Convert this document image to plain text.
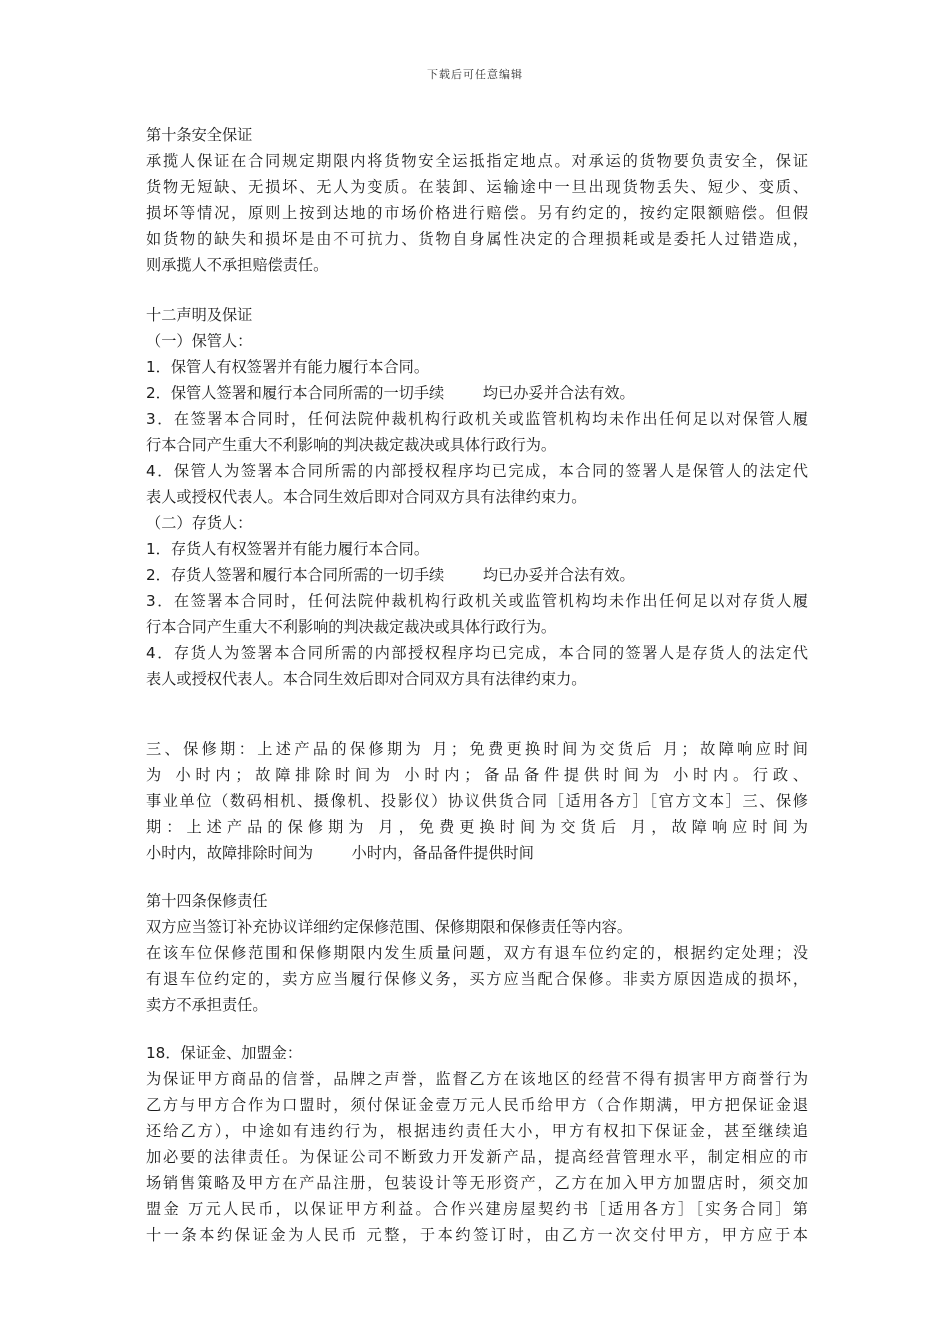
下载后可任意编辑
第十条安全保证
承揽人保证在合同规定期限内将货物安全运抵指定地点。对承运的货物要负责安全，保证
货物无短缺、无损坏、无人为变质。在装卸、运输途中一旦出现货物丢失、短少、变质、
损坏等情况，原则上按到达地的市场价格进行赔偿。另有约定的，按约定限额赔偿。但假
如货物的缺失和损坏是由不可抗力、货物自身属性决定的合理损耗或是委托人过错造成，
则承揽人不承担赔偿责任。
十二声明及保证
（一）保管人：
1．保管人有权签署并有能力履行本合同。
2．保管人签署和履行本合同所需的一切手续        均已办妥并合法有效。
3．在签署本合同时，任何法院仲裁机构行政机关或监管机构均未作出任何足以对保管人履
行本合同产生重大不利影响的判决裁定裁决或具体行政行为。
4．保管人为签署本合同所需的内部授权程序均已完成，本合同的签署人是保管人的法定代
表人或授权代表人。本合同生效后即对合同双方具有法律约束力。
（二）存货人：
1．存货人有权签署并有能力履行本合同。
2．存货人签署和履行本合同所需的一切手续        均已办妥并合法有效。
3．在签署本合同时，任何法院仲裁机构行政机关或监管机构均未作出任何足以对存货人履
行本合同产生重大不利影响的判决裁定裁决或具体行政行为。
4．存货人为签署本合同所需的内部授权程序均已完成，本合同的签署人是存货人的法定代
表人或授权代表人。本合同生效后即对合同双方具有法律约束力。
三、保修期：上述产品的保修期为 月；免费更换时间为交货后 月；故障响应时间
为 小时内；故障排除时间为 小时内；备品备件提供时间为 小时内。行政、
事业单位（数码相机、摄像机、投影仪）协议供货合同［适用各方］［官方文本］三、保修
期：上述产品的保修期为 月，免费更换时间为交货后 月，故障响应时间为
小时内，故障排除时间为        小时内，备品备件提供时间
第十四条保修责任
双方应当签订补充协议详细约定保修范围、保修期限和保修责任等内容。
在该车位保修范围和保修期限内发生质量问题，双方有退车位约定的，根据约定处理；没
有退车位约定的，卖方应当履行保修义务，买方应当配合保修。非卖方原因造成的损坏，
卖方不承担责任。
18．保证金、加盟金：
为保证甲方商品的信誉，品牌之声誉，监督乙方在该地区的经营不得有损害甲方商誉行为
乙方与甲方合作为口盟时，须付保证金壹万元人民币给甲方（合作期满，甲方把保证金退
还给乙方），中途如有违约行为，根据违约责任大小，甲方有权扣下保证金，甚至继续追
加必要的法律责任。为保证公司不断致力开发新产品，提高经营管理水平，制定相应的市
场销售策略及甲方在产品注册，包装设计等无形资产，乙方在加入甲方加盟店时，须交加
盟金 万元人民币，以保证甲方利益。合作兴建房屋契约书［适用各方］［实务合同］第
十一条本约保证金为人民币 元整，于本约签订时，由乙方一次交付甲方，甲方应于本
